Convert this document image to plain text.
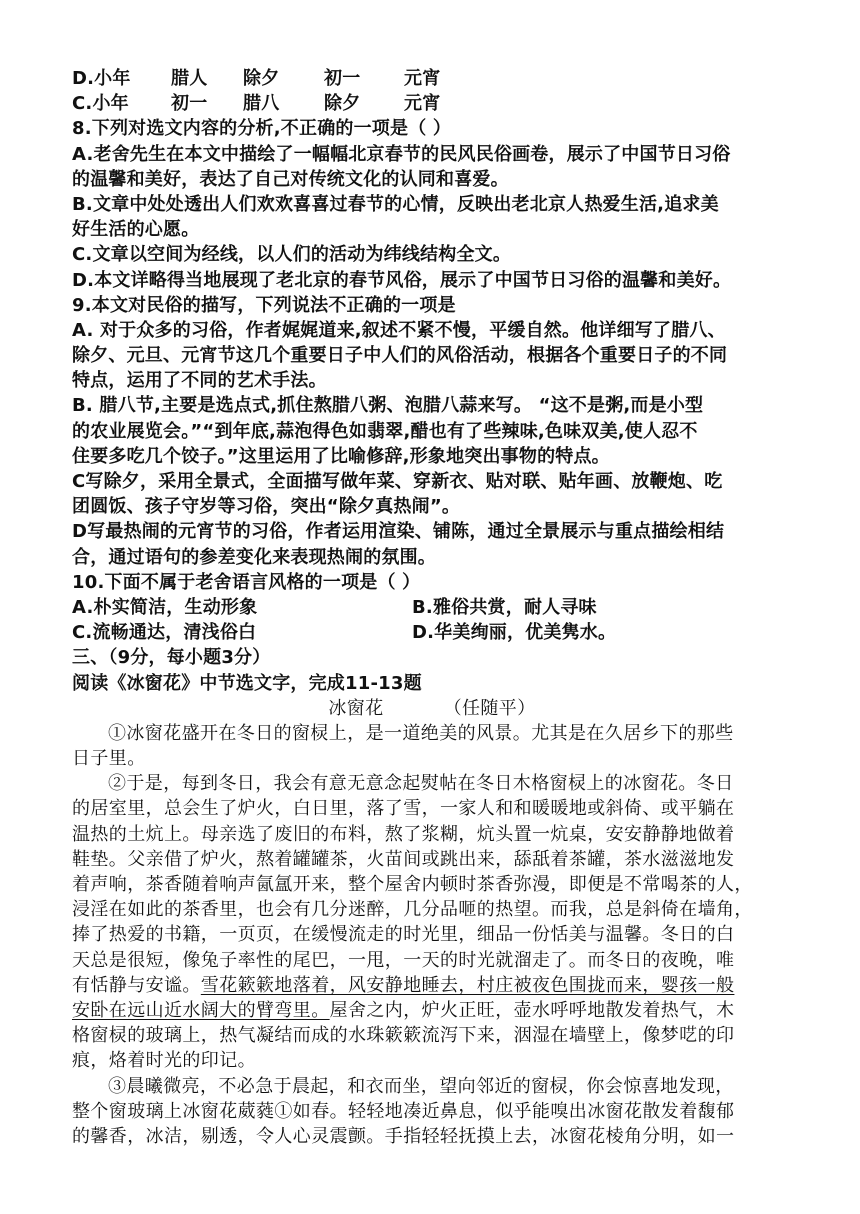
D.小年 腊人 除夕 初一 元宵
C.小年 初一 腊八 除夕 元宵
8.下列对选文内容的分析,不正确的一项是（ ）
A.老舍先生在本文中描绘了一幅幅北京春节的民风民俗画卷，展示了中国节日习俗
的温馨和美好，表达了自己对传统文化的认同和喜爱。
B.文章中处处透出人们欢欢喜喜过春节的心情，反映出老北京人热爱生活,追求美
好生活的心愿。
C.文章以空间为经线，以人们的活动为纬线结构全文。
D.本文详略得当地展现了老北京的春节风俗，展示了中国节日习俗的温馨和美好。
9.本文对民俗的描写，下列说法不正确的一项是
A. 对于众多的习俗，作者娓娓道来,叙述不紧不慢，平缓自然。他详细写了腊八、
除夕、元旦、元宵节这几个重要日子中人们的风俗活动，根据各个重要日子的不同
特点，运用了不同的艺术手法。
B. 腊八节,主要是选点式,抓住熬腊八粥、泡腊八蒜来写。 “这不是粥,而是小型
的农业展览会。”“到年底,蒜泡得色如翡翠,醋也有了些辣味,色味双美,使人忍不
住要多吃几个饺子。”这里运用了比喻修辞,形象地突出事物的特点。
C写除夕，采用全景式，全面描写做年菜、穿新衣、贴对联、贴年画、放鞭炮、吃
团圆饭、孩子守岁等习俗，突出“除夕真热闹”。
D写最热闹的元宵节的习俗，作者运用渲染、铺陈，通过全景展示与重点描绘相结
合，通过语句的参差变化来表现热闹的氛围。
10.下面不属于老舍语言风格的一项是（ ）
A.朴实简洁，生动形象	B.雅俗共赏，耐人寻味
C.流畅通达，清浅俗白	D.华美绚丽，优美隽水。
三、（9分，每小题3分）
阅读《冰窗花》中节选文字，完成11-13题
冰窗花	（任随平）
①冰窗花盛开在冬日的窗棂上，是一道绝美的风景。尤其是在久居乡下的那些
日子里。
②于是，每到冬日，我会有意无意念起熨帖在冬日木格窗棂上的冰窗花。冬日
的居室里，总会生了炉火，白日里，落了雪，一家人和和暖暖地或斜倚、或平躺在
温热的土炕上。母亲选了废旧的布料，熬了浆糊，炕头置一炕桌，安安静静地做着
鞋垫。父亲借了炉火，熬着罐罐茶，火苗间或跳出来，舔舐着茶罐，茶水滋滋地发
着声响，茶香随着响声氤氲开来，整个屋舍内顿时茶香弥漫，即便是不常喝茶的人，
浸淫在如此的茶香里，也会有几分迷醉，几分品咂的热望。而我，总是斜倚在墙角，
捧了热爱的书籍，一页页，在缓慢流走的时光里，细品一份恬美与温馨。冬日的白
天总是很短，像兔子率性的尾巴，一甩，一天的时光就溜走了。而冬日的夜晚，唯
有恬静与安谧。雪花簌簌地落着，风安静地睡去，村庄被夜色围拢而来，婴孩一般
安卧在远山近水阔大的臂弯里。屋舍之内，炉火正旺，壶水呼呼地散发着热气，木
格窗棂的玻璃上，热气凝结而成的水珠簌簌流泻下来，洇湿在墙壁上，像梦呓的印
痕，烙着时光的印记。
③晨曦微亮，不必急于晨起，和衣而坐，望向邻近的窗棂，你会惊喜地发现，
整个窗玻璃上冰窗花葳蕤①如春。轻轻地凑近鼻息，似乎能嗅出冰窗花散发着馥郁
的馨香，冰洁，剔透，令人心灵震颤。手指轻轻抚摸上去，冰窗花棱角分明，如一
